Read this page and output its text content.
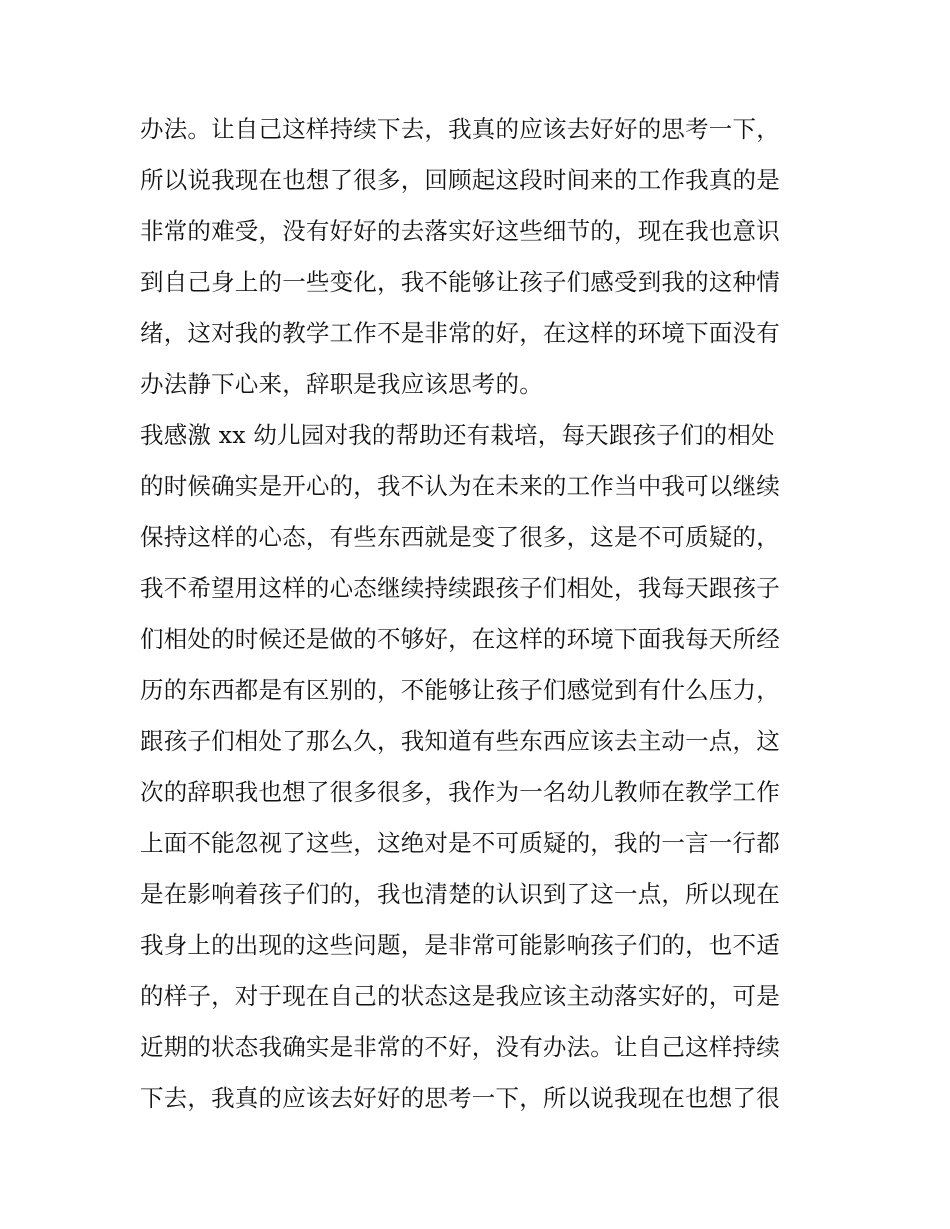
办法。让自己这样持续下去，我真的应该去好好的思考一下，
所以说我现在也想了很多，回顾起这段时间来的工作我真的是
非常的难受，没有好好的去落实好这些细节的，现在我也意识
到自己身上的一些变化，我不能够让孩子们感受到我的这种情
绪，这对我的教学工作不是非常的好，在这样的环境下面没有
办法静下心来，辞职是我应该思考的。
我感激 xx 幼儿园对我的帮助还有栽培，每天跟孩子们的相处
的时候确实是开心的，我不认为在未来的工作当中我可以继续
保持这样的心态，有些东西就是变了很多，这是不可质疑的，
我不希望用这样的心态继续持续跟孩子们相处，我每天跟孩子
们相处的时候还是做的不够好，在这样的环境下面我每天所经
历的东西都是有区别的，不能够让孩子们感觉到有什么压力，
跟孩子们相处了那么久，我知道有些东西应该去主动一点，这
次的辞职我也想了很多很多，我作为一名幼儿教师在教学工作
上面不能忽视了这些，这绝对是不可质疑的，我的一言一行都
是在影响着孩子们的，我也清楚的认识到了这一点，所以现在
我身上的出现的这些问题，是非常可能影响孩子们的，也不适
的样子，对于现在自己的状态这是我应该主动落实好的，可是
近期的状态我确实是非常的不好，没有办法。让自己这样持续
下去，我真的应该去好好的思考一下，所以说我现在也想了很
